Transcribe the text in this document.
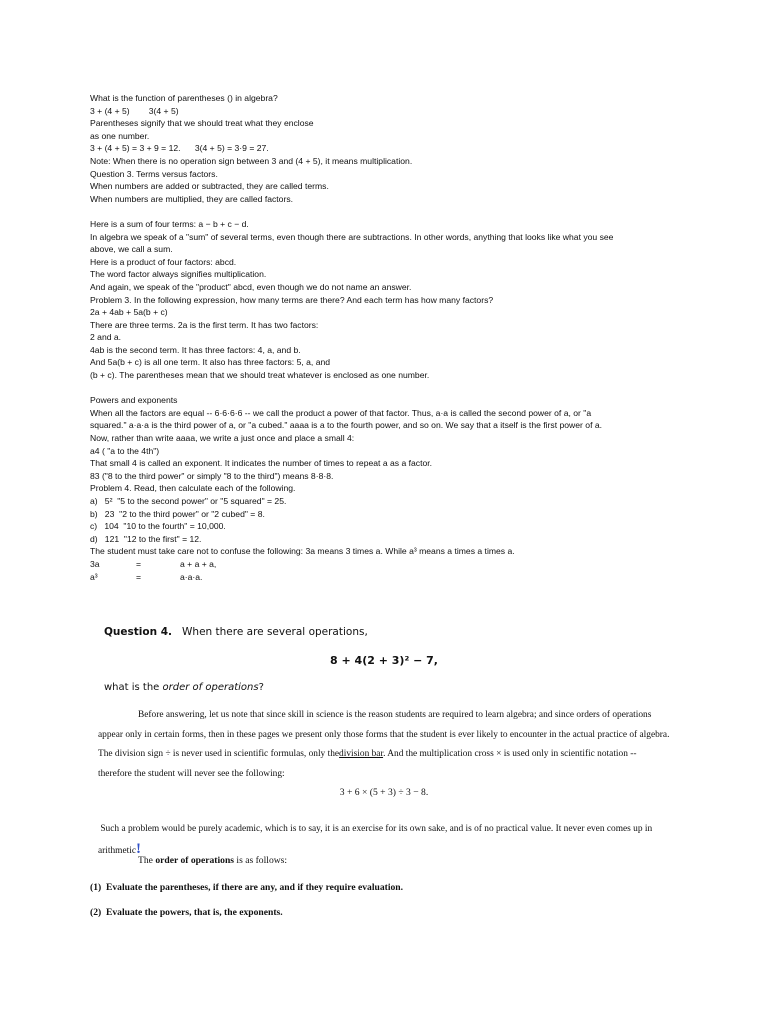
What is the function of parentheses () in algebra?

3 + (4 + 5)        3(4 + 5)

Parentheses signify that we should treat what they enclose

as one number.

3 + (4 + 5) = 3 + 9 = 12.      3(4 + 5) = 3·9 = 27.

Note: When there is no operation sign between 3 and (4 + 5), it means multiplication.

Question 3. Terms versus factors.

When numbers are added or subtracted, they are called terms.

When numbers are multiplied, they are called factors.

Here is a sum of four terms: a − b + c − d.

In algebra we speak of a "sum" of several terms, even though there are subtractions. In other words, anything that looks like what you see

above, we call a sum.

Here is a product of four factors: abcd.

The word factor always signifies multiplication.

And again, we speak of the "product" abcd, even though we do not name an answer.

Problem 3. In the following expression, how many terms are there? And each term has how many factors?

2a + 4ab + 5a(b + c)

There are three terms. 2a is the first term. It has two factors:

2 and a.

4ab is the second term. It has three factors: 4, a, and b.

And 5a(b + c) is all one term. It also has three factors: 5, a, and

(b + c). The parentheses mean that we should treat whatever is enclosed as one number.

Powers and exponents

When all the factors are equal -- 6·6·6·6 -- we call the product a power of that factor. Thus, a·a is called the second power of a, or "a

squared." a·a·a is the third power of a, or "a cubed." aaaa is a to the fourth power, and so on. We say that a itself is the first power of a.

Now, rather than write aaaa, we write a just once and place a small 4:

a4 ( "a to the 4th")

That small 4 is called an exponent. It indicates the number of times to repeat a as a factor.

83 ("8 to the third power" or simply "8 to the third") means 8·8·8.

Problem 4. Read, then calculate each of the following.

a)   5²  "5 to the second power" or "5 squared" = 25.

b)   23  "2 to the third power" or "2 cubed" = 8.

c)   104  "10 to the fourth" = 10,000.

d)   121  "12 to the first" = 12.

The student must take care not to confuse the following: 3a means 3 times a. While a³ means a times a times a.

3a	=	a + a + a,

a³	=	a·a·a.

Question 4. When there are several operations,
8 + 4(2 + 3)² − 7,
what is the order of operations?

Before answering, let us note that since skill in science is the reason students are required to learn algebra; and since orders of operations appear only in certain forms, then in these pages we present only those forms that the student is ever likely to encounter in the actual practice of algebra. The division sign ÷ is never used in scientific formulas, only thedivision bar. And the multiplication cross × is used only in scientific notation -- therefore the student will never see the following:

3 + 6 × (5 + 3) ÷ 3 − 8.

Such a problem would be purely academic, which is to say, it is an exercise for its own sake, and is of no practical value. It never even comes up in arithmetic!

The order of operations is as follows:
(1) Evaluate the parentheses, if there are any, and if they require evaluation.
(2) Evaluate the powers, that is, the exponents.
